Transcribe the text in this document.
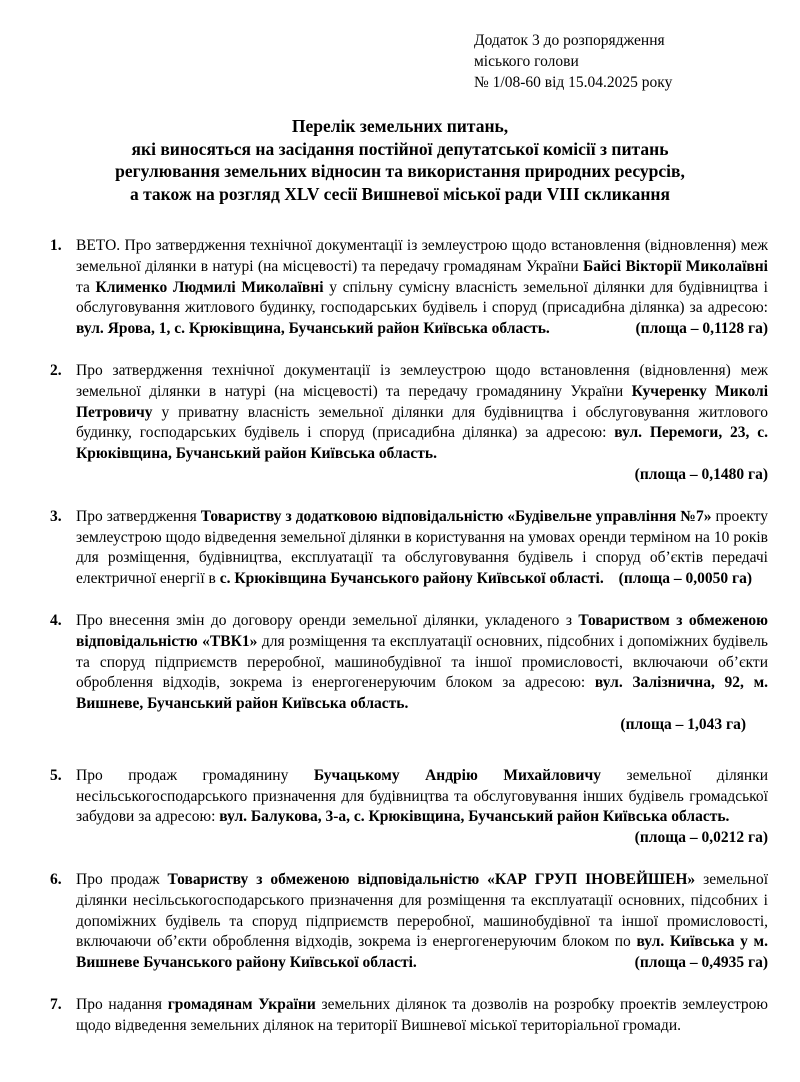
Додаток 3 до розпорядження
міського голови
№ 1/08-60 від 15.04.2025 року
Перелік земельних питань,
які виносяться на засідання постійної депутатської комісії з питань
регулювання земельних відносин та використання природних ресурсів,
а також на розгляд XLV сесії Вишневої міської ради VIII скликання
1. ВЕТО. Про затвердження технічної документації із землеустрою щодо встановлення (відновлення) меж земельної ділянки в натурі (на місцевості) та передачу громадянам України Байсі Вікторії Миколаївні та Клименко Людмилі Миколаївні у спільну сумісну власність земельної ділянки для будівництва і обслуговування житлового будинку, господарських будівель і споруд (присадибна ділянка) за адресою: вул. Ярова, 1, с. Крюківщина, Бучанський район Київська область.	(площа – 0,1128 га)
2. Про затвердження технічної документації із землеустрою щодо встановлення (відновлення) меж земельної ділянки в натурі (на місцевості) та передачу громадянину України Кучеренку Миколі Петровичу у приватну власність земельної ділянки для будівництва і обслуговування житлового будинку, господарських будівель і споруд (присадибна ділянка) за адресою: вул. Перемоги, 23, с. Крюківщина, Бучанський район Київська область.
(площа – 0,1480 га)
3. Про затвердження Товариству з додатковою відповідальністю «Будівельне управління №7» проекту землеустрою щодо відведення земельної ділянки в користування на умовах оренди терміном на 10 років для розміщення, будівництва, експлуатації та обслуговування будівель і споруд об’єктів передачі електричної енергії в с. Крюківщина Бучанського району Київської області. (площа – 0,0050 га)
4. Про внесення змін до договору оренди земельної ділянки, укладеного з Товариством з обмеженою відповідальністю «ТВК1» для розміщення та експлуатації основних, підсобних і допоміжних будівель та споруд підприємств переробної, машинобудівної та іншої промисловості, включаючи об’єкти оброблення відходів, зокрема із енергогенеруючим блоком за адресою: вул. Залізнична, 92, м. Вишневе, Бучанський район Київська область.
(площа – 1,043 га)
5. Про продаж громадянину Бучацькому Андрію Михайловичу земельної ділянки несільськогосподарського призначення для будівництва та обслуговування інших будівель громадської забудови за адресою: вул. Балукова, 3-а, с. Крюківщина, Бучанський район Київська область.
(площа – 0,0212 га)
6. Про продаж Товариству з обмеженою відповідальністю «КАР ГРУП ІНОВЕЙШЕН» земельної ділянки несільськогосподарського призначення для розміщення та експлуатації основних, підсобних і допоміжних будівель та споруд підприємств переробної, машинобудівної та іншої промисловості, включаючи об’єкти оброблення відходів, зокрема із енергогенеруючим блоком по вул. Київська у м. Вишневе Бучанського району Київської області.	(площа – 0,4935 га)
7. Про надання громадянам України земельних ділянок та дозволів на розробку проектів землеустрою щодо відведення земельних ділянок на території Вишневої міської територіальної громади.
